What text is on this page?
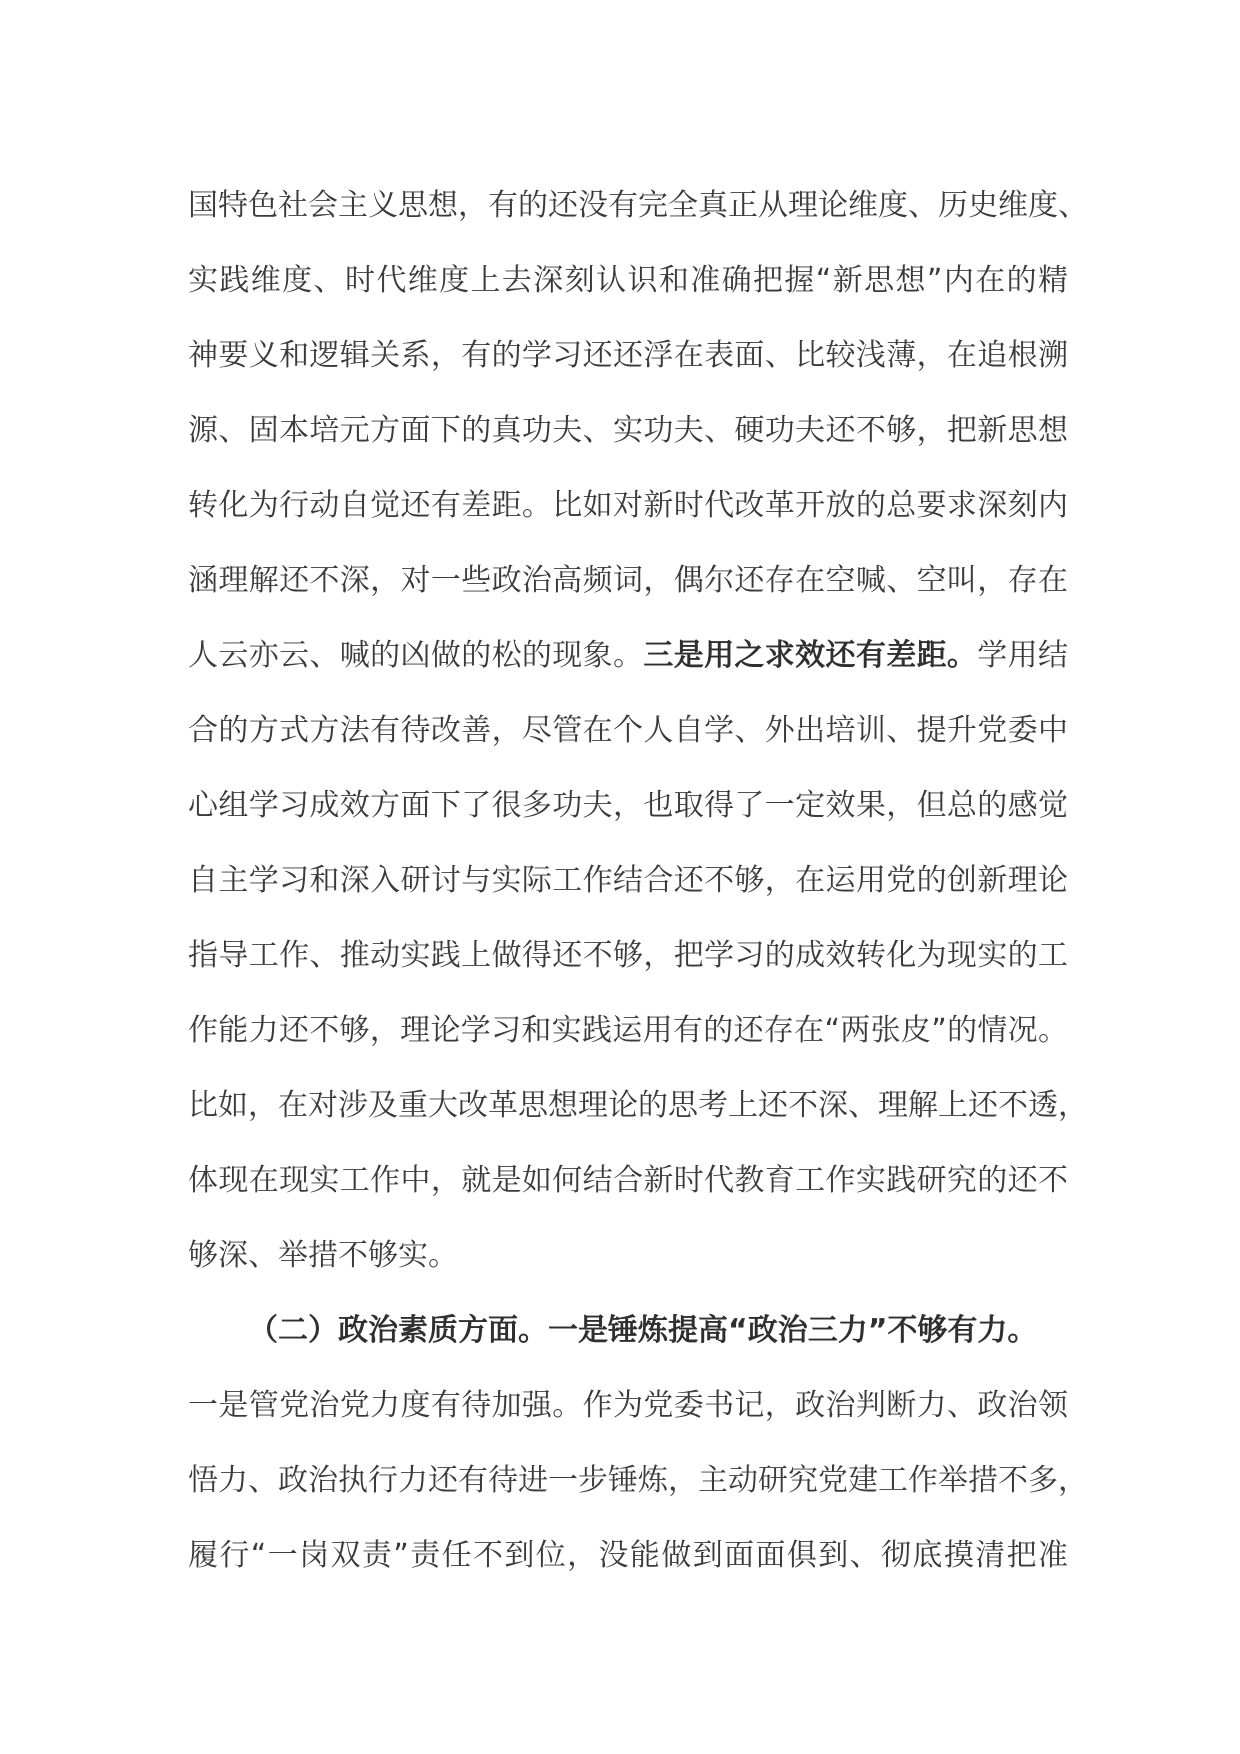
国特色社会主义思想，有的还没有完全真正从理论维度、历史维度、
实践维度、时代维度上去深刻认识和准确把握“新思想”内在的精
神要义和逻辑关系，有的学习还还浮在表面、比较浅薄，在追根溯
源、固本培元方面下的真功夫、实功夫、硬功夫还不够，把新思想
转化为行动自觉还有差距。比如对新时代改革开放的总要求深刻内
涵理解还不深，对一些政治高频词，偶尔还存在空喊、空叫，存在
人云亦云、喊的凶做的松的现象。三是用之求效还有差距。学用结
合的方式方法有待改善，尽管在个人自学、外出培训、提升党委中
心组学习成效方面下了很多功夫，也取得了一定效果，但总的感觉
自主学习和深入研讨与实际工作结合还不够，在运用党的创新理论
指导工作、推动实践上做得还不够，把学习的成效转化为现实的工
作能力还不够，理论学习和实践运用有的还存在“两张皮”的情况。
比如，在对涉及重大改革思想理论的思考上还不深、理解上还不透，
体现在现实工作中，就是如何结合新时代教育工作实践研究的还不
够深、举措不够实。
（二）政治素质方面。一是锤炼提高“政治三力”不够有力。
一是管党治党力度有待加强。作为党委书记，政治判断力、政治领
悟力、政治执行力还有待进一步锤炼，主动研究党建工作举措不多，
履行“一岗双责”责任不到位，没能做到面面俱到、彻底摸清把准
